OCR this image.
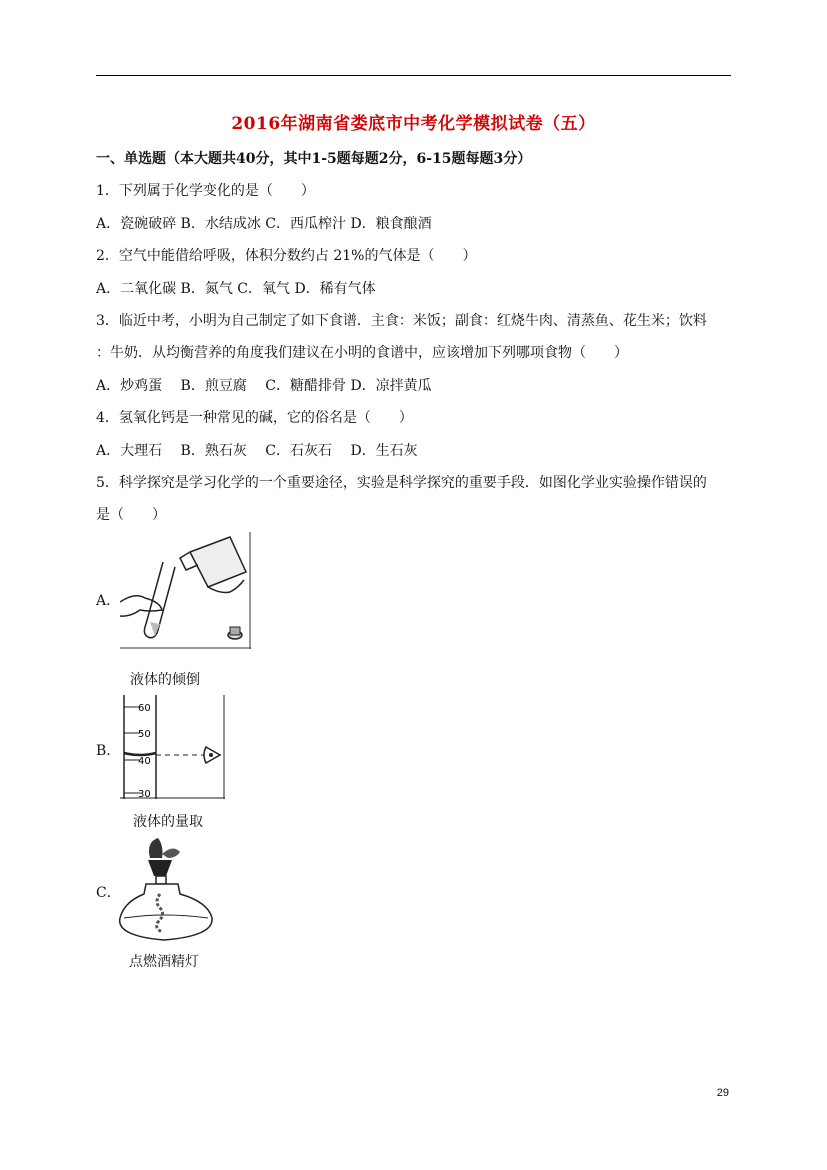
2016年湖南省娄底市中考化学模拟试卷（五）
一、单选题（本大题共40分，其中1-5题每题2分，6-15题每题3分）
1．下列属于化学变化的是（　　）
A．瓷碗破碎 B．水结成冰 C．西瓜榨汁 D．粮食酿酒
2．空气中能借给呼吸，体积分数约占 21%的气体是（　　）
A．二氧化碳 B．氮气 C．氧气 D．稀有气体
3．临近中考，小明为自己制定了如下食谱．主食：米饭；副食：红烧牛肉、清蒸鱼、花生米；饮料
：牛奶．从均衡营养的角度我们建议在小明的食谱中，应该增加下列哪项食物（　　）
A．炒鸡蛋　 B．煎豆腐　 C．糖醋排骨 D．凉拌黄瓜
4．氢氧化钙是一种常见的碱，它的俗名是（　　）
A．大理石　 B．熟石灰　 C．石灰石　 D．生石灰
5．科学探究是学习化学的一个重要途径，实验是科学探究的重要手段．如图化学业实验操作错误的
是（　　）
A．
液体的倾倒
B．
60
50
40
30
液体的量取
C．
点燃酒精灯
29
